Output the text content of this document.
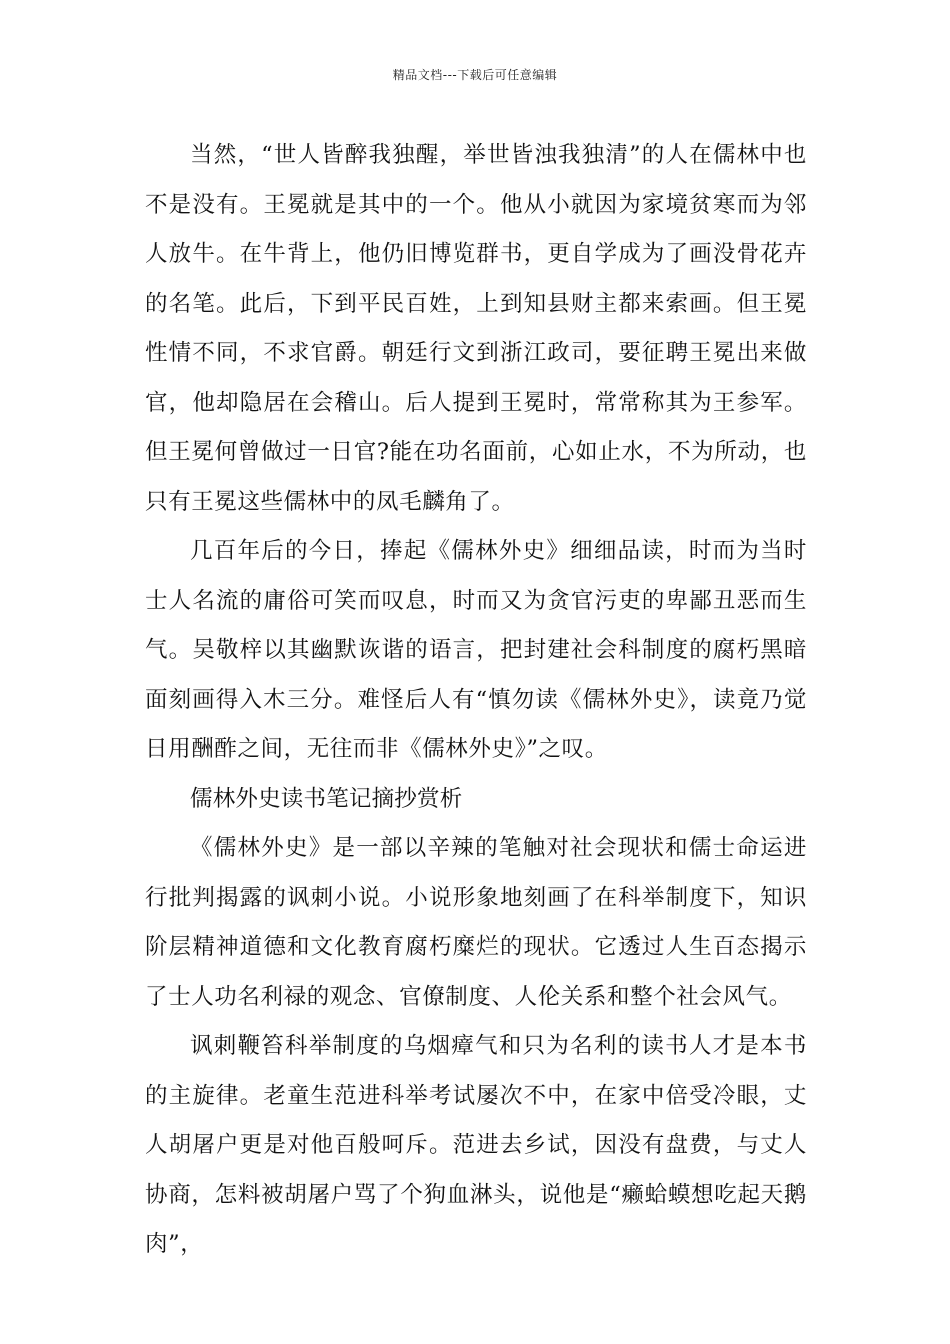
精品文档---下载后可任意编辑

当然，“世人皆醉我独醒，举世皆浊我独清”的人在儒林中也不是没有。王冕就是其中的一个。他从小就因为家境贫寒而为邻人放牛。在牛背上，他仍旧博览群书，更自学成为了画没骨花卉的名笔。此后，下到平民百姓，上到知县财主都来索画。但王冕性情不同，不求官爵。朝廷行文到浙江政司，要征聘王冕出来做官，他却隐居在会稽山。后人提到王冕时，常常称其为王参军。但王冕何曾做过一日官?能在功名面前，心如止水，不为所动，也只有王冕这些儒林中的凤毛麟角了。

几百年后的今日，捧起《儒林外史》细细品读，时而为当时士人名流的庸俗可笑而叹息，时而又为贪官污吏的卑鄙丑恶而生气。吴敬梓以其幽默诙谐的语言，把封建社会科制度的腐朽黑暗面刻画得入木三分。难怪后人有“慎勿读《儒林外史》，读竟乃觉日用酬酢之间，无往而非《儒林外史》”之叹。

儒林外史读书笔记摘抄赏析

《儒林外史》是一部以辛辣的笔触对社会现状和儒士命运进行批判揭露的讽刺小说。小说形象地刻画了在科举制度下，知识阶层精神道德和文化教育腐朽糜烂的现状。它透过人生百态揭示了士人功名利禄的观念、官僚制度、人伦关系和整个社会风气。

讽刺鞭笞科举制度的乌烟瘴气和只为名利的读书人才是本书的主旋律。老童生范进科举考试屡次不中，在家中倍受冷眼，丈人胡屠户更是对他百般呵斥。范进去乡试，因没有盘费，与丈人协商，怎料被胡屠户骂了个狗血淋头，说他是“癞蛤蟆想吃起天鹅肉”，
